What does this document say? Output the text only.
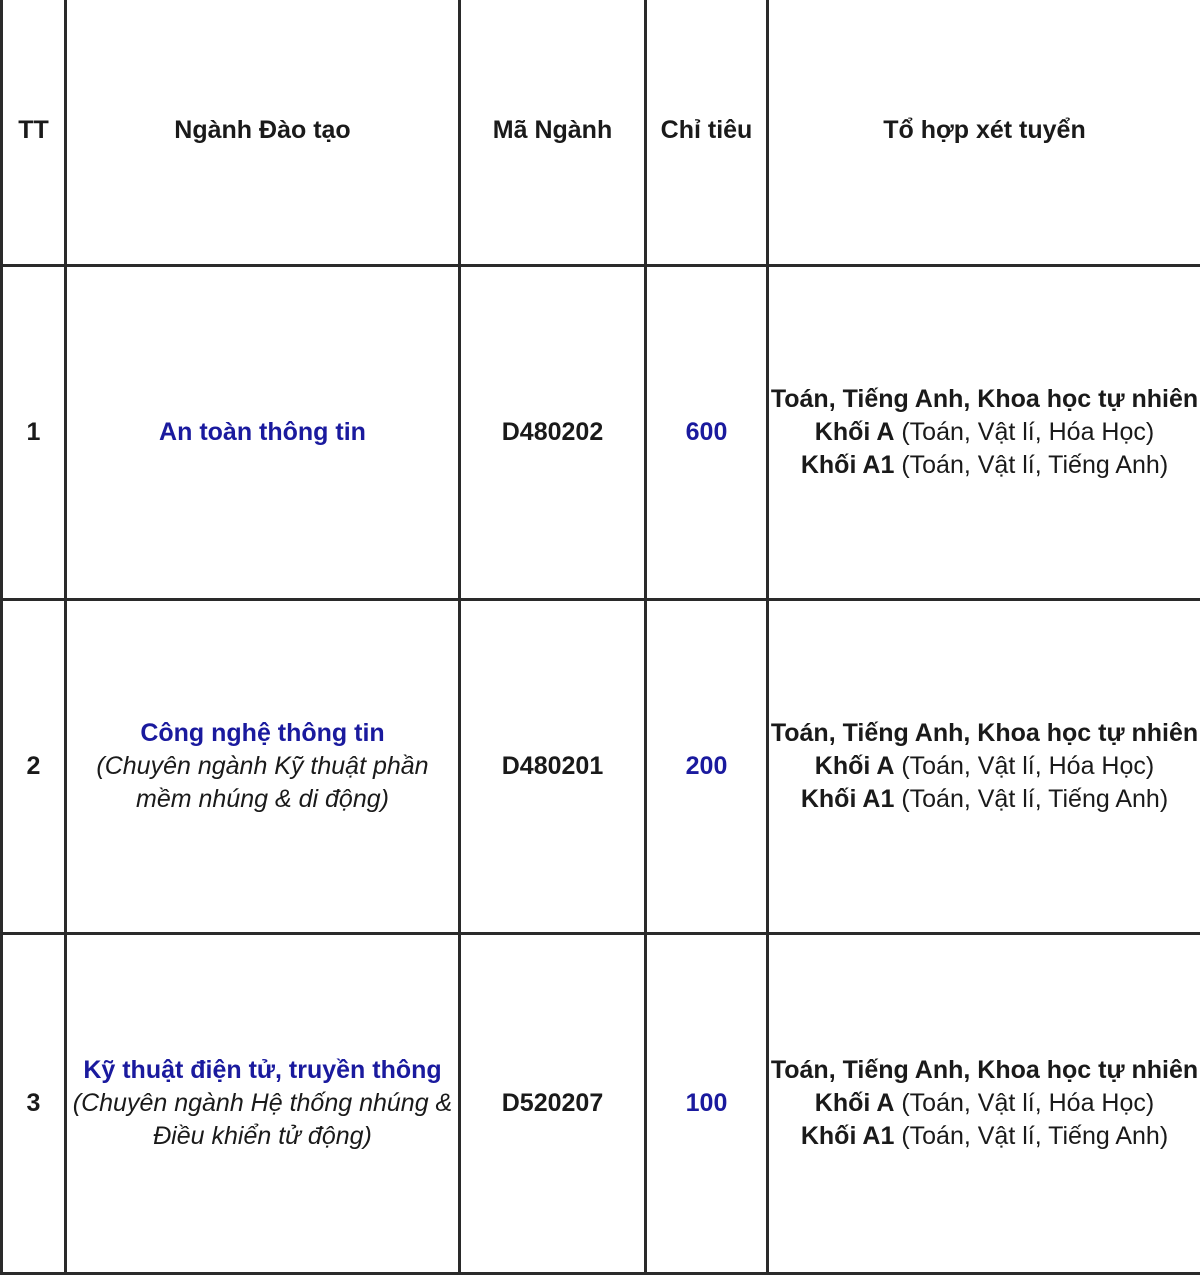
TT	Ngành Đào tạo	Mã Ngành	Chỉ tiêu	Tổ hợp xét tuyển
1	An toàn thông tin	D480202	600	Toán, Tiếng Anh, Khoa học tự nhiên
Khối A (Toán, Vật lí, Hóa Học)
Khối A1 (Toán, Vật lí, Tiếng Anh)

2	Công nghệ thông tin
(Chuyên ngành Kỹ thuật phần mềm nhúng & di động)	D480201	200	Toán, Tiếng Anh, Khoa học tự nhiên
Khối A (Toán, Vật lí, Hóa Học)
Khối A1 (Toán, Vật lí, Tiếng Anh)

3	Kỹ thuật điện tử, truyền thông
(Chuyên ngành Hệ thống nhúng & Điều khiển tử động)	D520207	100	Toán, Tiếng Anh, Khoa học tự nhiên
Khối A (Toán, Vật lí, Hóa Học)
Khối A1 (Toán, Vật lí, Tiếng Anh)
